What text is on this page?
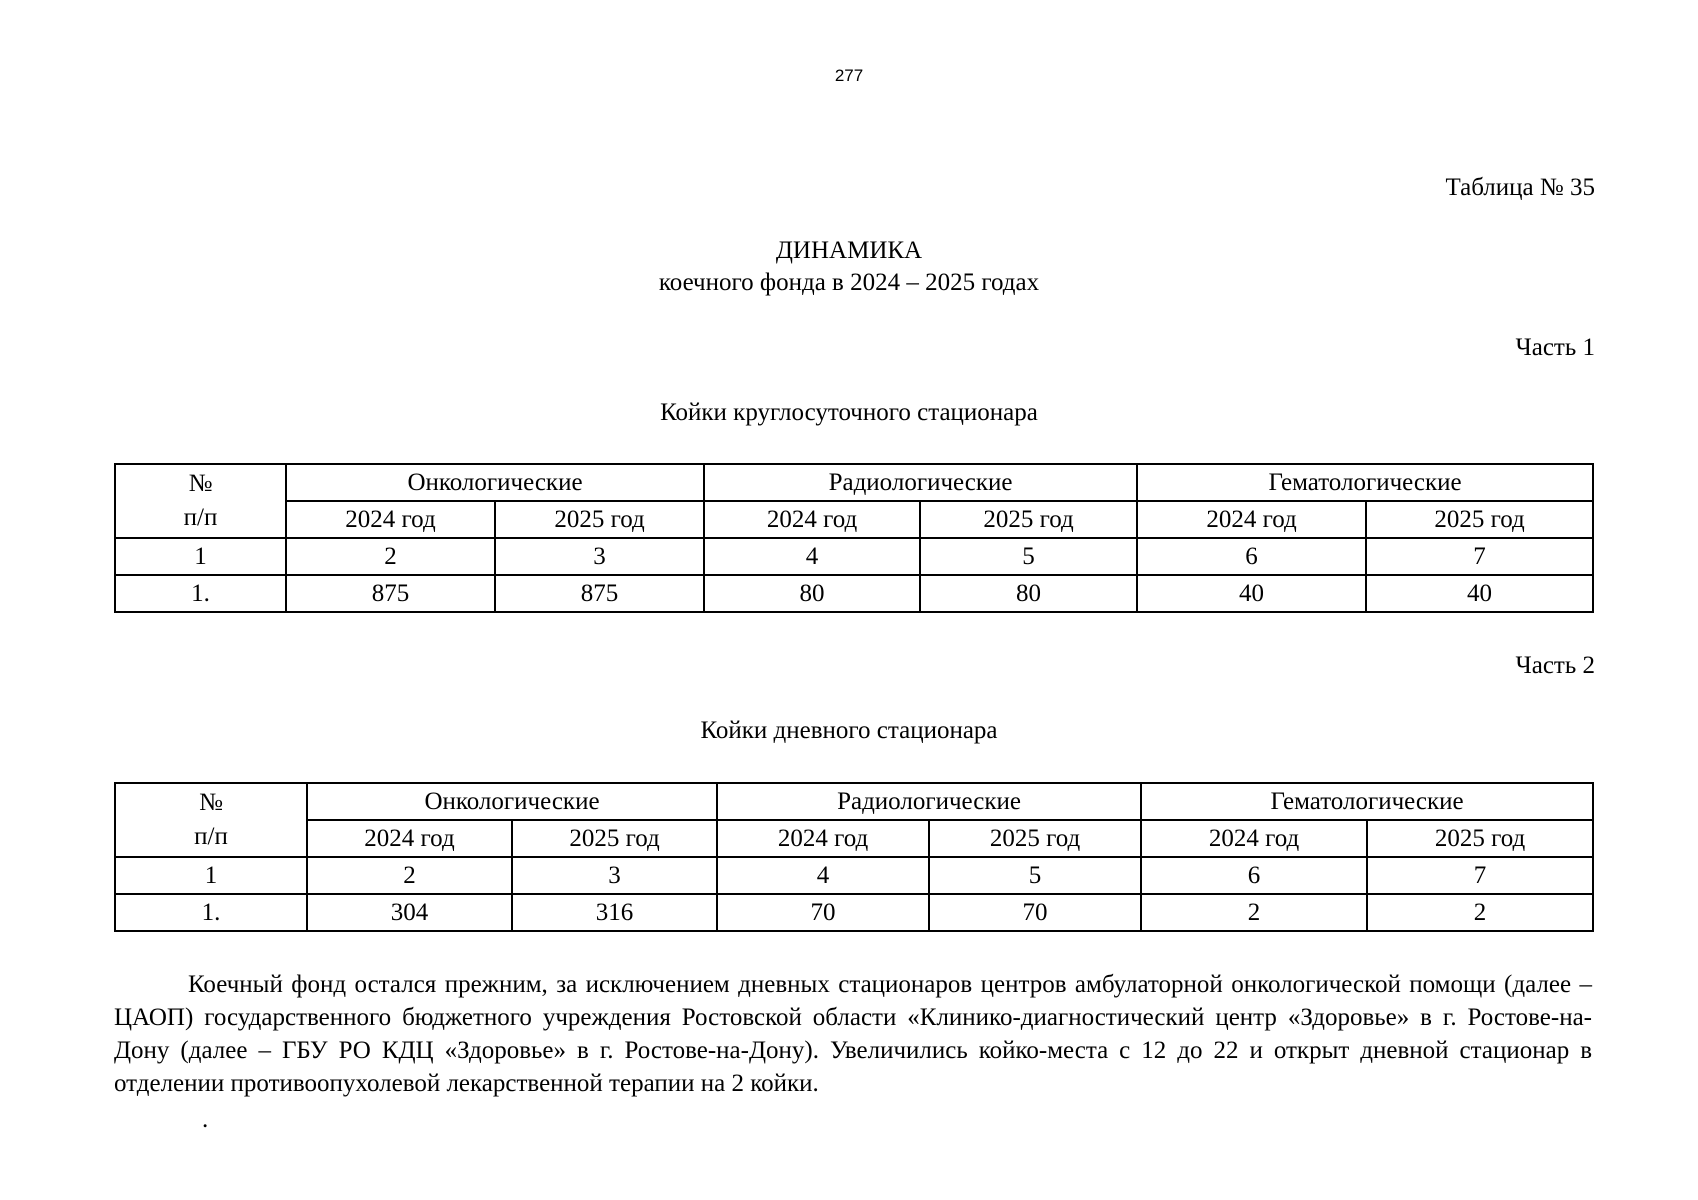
277
Таблица № 35
ДИНАМИКА
коечного фонда в 2024 – 2025 годах
Часть 1
Койки круглосуточного стационара
№
п/п	Онкологические		Радиологические		Гематологические	
	2024 год	2025 год	2024 год	2025 год	2024 год	2025 год
1	2	3	4	5	6	7
1.	875	875	80	80	40	40
Часть 2
Койки дневного стационара
№
п/п	Онкологические		Радиологические		Гематологические	
	2024 год	2025 год	2024 год	2025 год	2024 год	2025 год
1	2	3	4	5	6	7
1.	304	316	70	70	2	2
Коечный фонд остался прежним, за исключением дневных стационаров центров амбулаторной онкологической помощи (далее – ЦАОП) государственного бюджетного учреждения Ростовской области «Клинико-диагностический центр «Здоровье» в г. Ростове-на-Дону (далее – ГБУ РО КДЦ «Здоровье» в г. Ростове-на-Дону). Увеличились койко-места с 12 до 22 и открыт дневной стационар в отделении противоопухолевой лекарственной терапии на 2 койки.
.
